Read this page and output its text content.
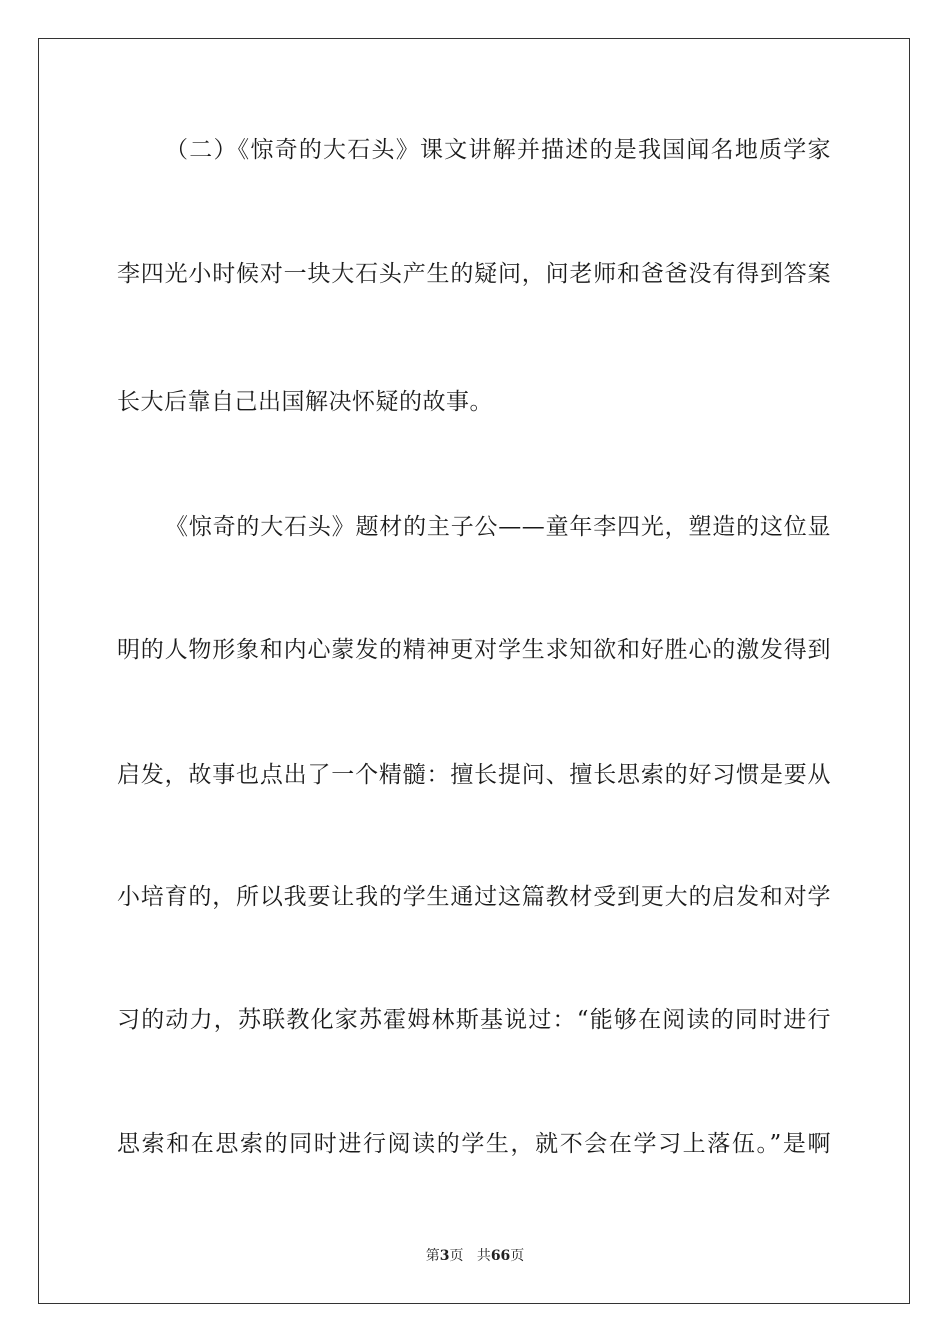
（二）《惊奇的大石头》课文讲解并描述的是我国闻名地质学家
李四光小时候对一块大石头产生的疑问，问老师和爸爸没有得到答案
长大后靠自己出国解决怀疑的故事。
《惊奇的大石头》题材的主子公——童年李四光，塑造的这位显
明的人物形象和内心蒙发的精神更对学生求知欲和好胜心的激发得到
启发，故事也点出了一个精髓：擅长提问、擅长思索的好习惯是要从
小培育的，所以我要让我的学生通过这篇教材受到更大的启发和对学
习的动力，苏联教化家苏霍姆林斯基说过：“能够在阅读的同时进行
思索和在思索的同时进行阅读的学生，就不会在学习上落伍。”是啊
第3页 共66页
